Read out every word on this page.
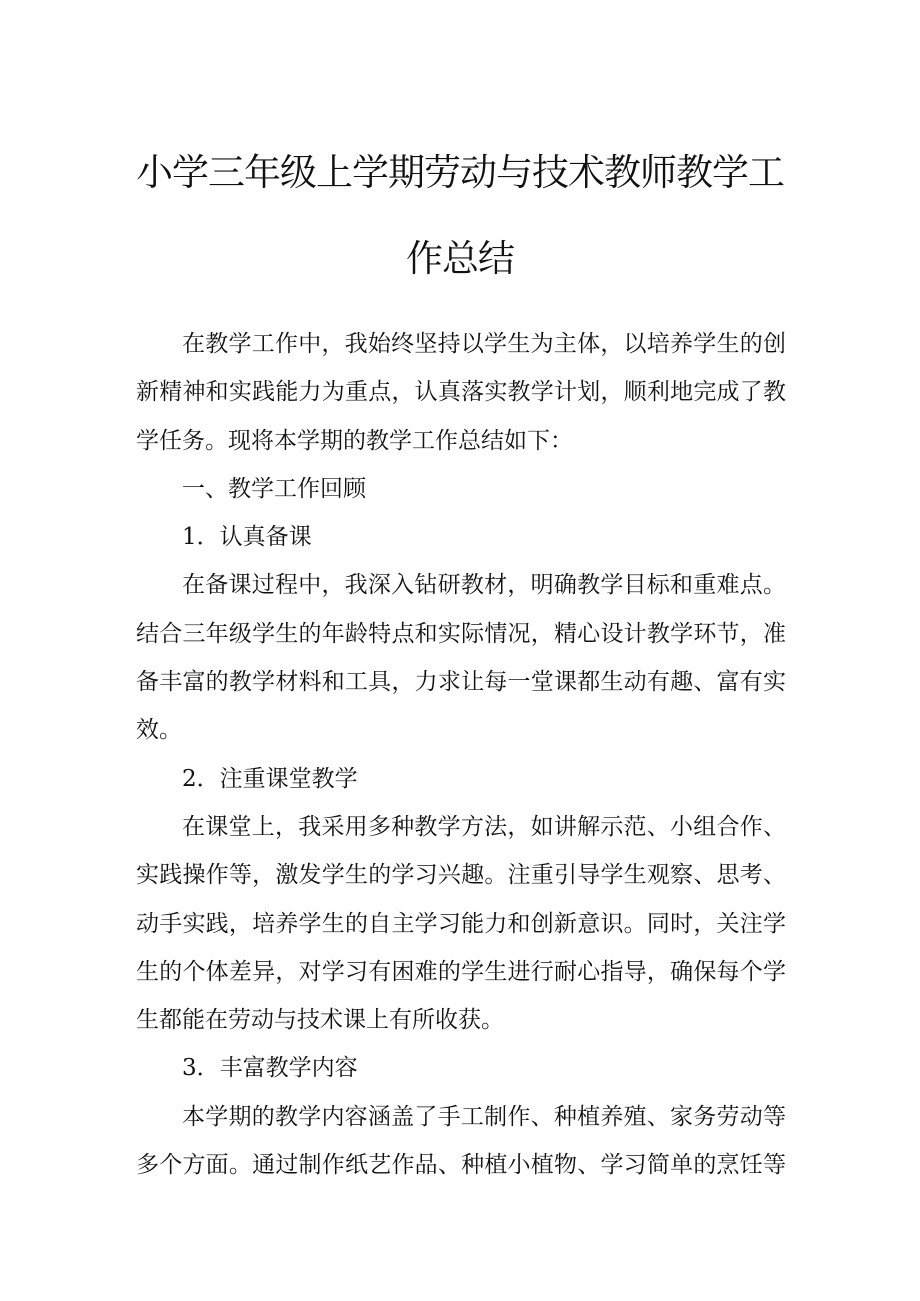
小学三年级上学期劳动与技术教师教学工
作总结
在教学工作中，我始终坚持以学生为主体，以培养学生的创
新精神和实践能力为重点，认真落实教学计划，顺利地完成了教
学任务。现将本学期的教学工作总结如下：
一、教学工作回顾
1．认真备课
在备课过程中，我深入钻研教材，明确教学目标和重难点。
结合三年级学生的年龄特点和实际情况，精心设计教学环节，准
备丰富的教学材料和工具，力求让每一堂课都生动有趣、富有实
效。
2．注重课堂教学
在课堂上，我采用多种教学方法，如讲解示范、小组合作、
实践操作等，激发学生的学习兴趣。注重引导学生观察、思考、
动手实践，培养学生的自主学习能力和创新意识。同时，关注学
生的个体差异，对学习有困难的学生进行耐心指导，确保每个学
生都能在劳动与技术课上有所收获。
3．丰富教学内容
本学期的教学内容涵盖了手工制作、种植养殖、家务劳动等
多个方面。通过制作纸艺作品、种植小植物、学习简单的烹饪等
